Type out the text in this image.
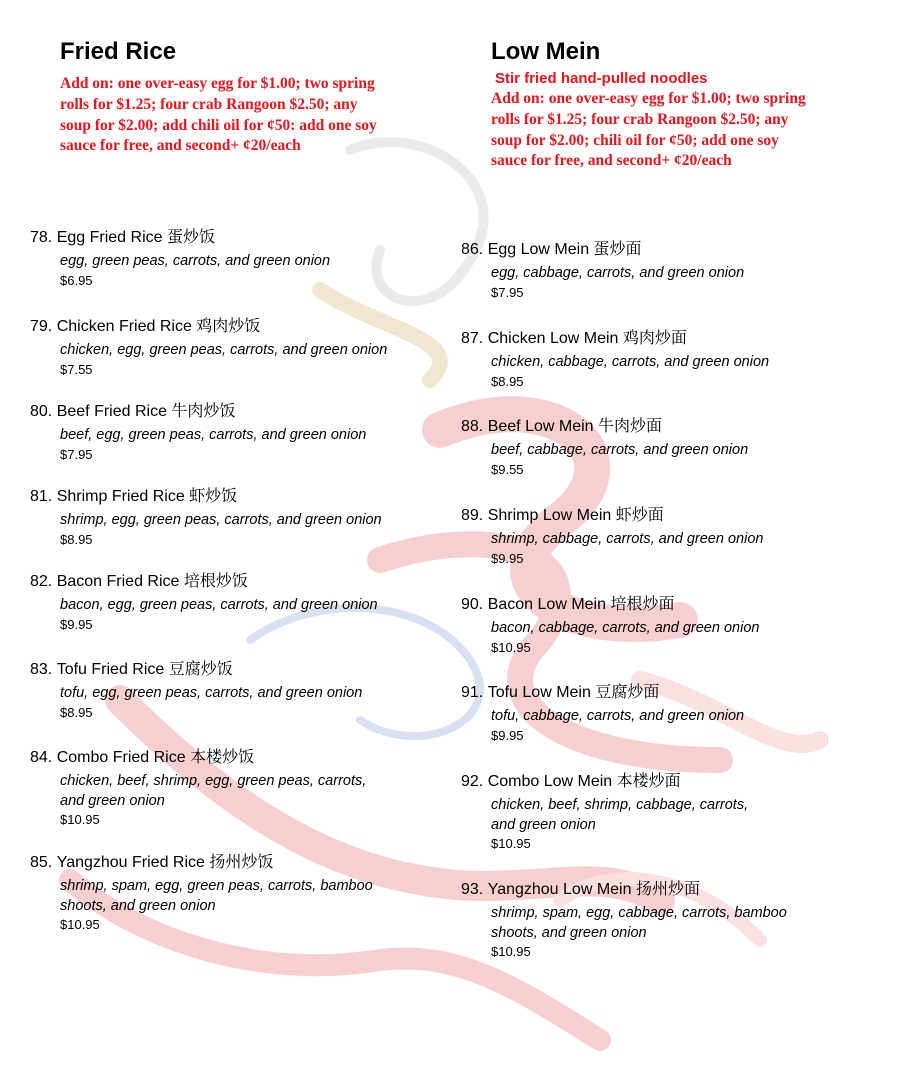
Fried Rice
Add on: one over-easy egg for $1.00; two spring
rolls for $1.25; four crab Rangoon $2.50; any
soup for $2.00; add chili oil for ¢50: add one soy
sauce for free, and second+ ¢20/each
78. Egg Fried Rice 蛋炒饭
egg, green peas, carrots, and green onion
$6.95
79. Chicken Fried Rice 鸡肉炒饭
chicken, egg, green peas, carrots, and green onion
$7.55
80. Beef Fried Rice 牛肉炒饭
beef, egg, green peas, carrots, and green onion
$7.95
81. Shrimp Fried Rice 虾炒饭
shrimp, egg, green peas, carrots, and green onion
$8.95
82. Bacon Fried Rice 培根炒饭
bacon, egg, green peas, carrots, and green onion
$9.95
83. Tofu Fried Rice 豆腐炒饭
tofu, egg, green peas, carrots, and green onion
$8.95
84. Combo Fried Rice 本楼炒饭
chicken, beef, shrimp, egg, green peas, carrots,
and green onion
$10.95
85. Yangzhou Fried Rice 扬州炒饭
shrimp, spam, egg, green peas, carrots, bamboo
shoots, and green onion
$10.95
Low Mein
Stir fried hand-pulled noodles
Add on: one over-easy egg for $1.00; two spring
rolls for $1.25; four crab Rangoon $2.50; any
soup for $2.00; chili oil for ¢50; add one soy
sauce for free, and second+ ¢20/each
86. Egg Low Mein 蛋炒面
egg, cabbage, carrots, and green onion
$7.95
87. Chicken Low Mein 鸡肉炒面
chicken, cabbage, carrots, and green onion
$8.95
88. Beef Low Mein 牛肉炒面
beef, cabbage, carrots, and green onion
$9.55
89. Shrimp Low Mein 虾炒面
shrimp, cabbage, carrots, and green onion
$9.95
90. Bacon Low Mein 培根炒面
bacon, cabbage, carrots, and green onion
$10.95
91. Tofu Low Mein 豆腐炒面
tofu, cabbage, carrots, and green onion
$9.95
92. Combo Low Mein 本楼炒面
chicken, beef, shrimp, cabbage, carrots,
and green onion
$10.95
93. Yangzhou Low Mein 扬州炒面
shrimp, spam, egg, cabbage, carrots, bamboo
shoots, and green onion
$10.95
